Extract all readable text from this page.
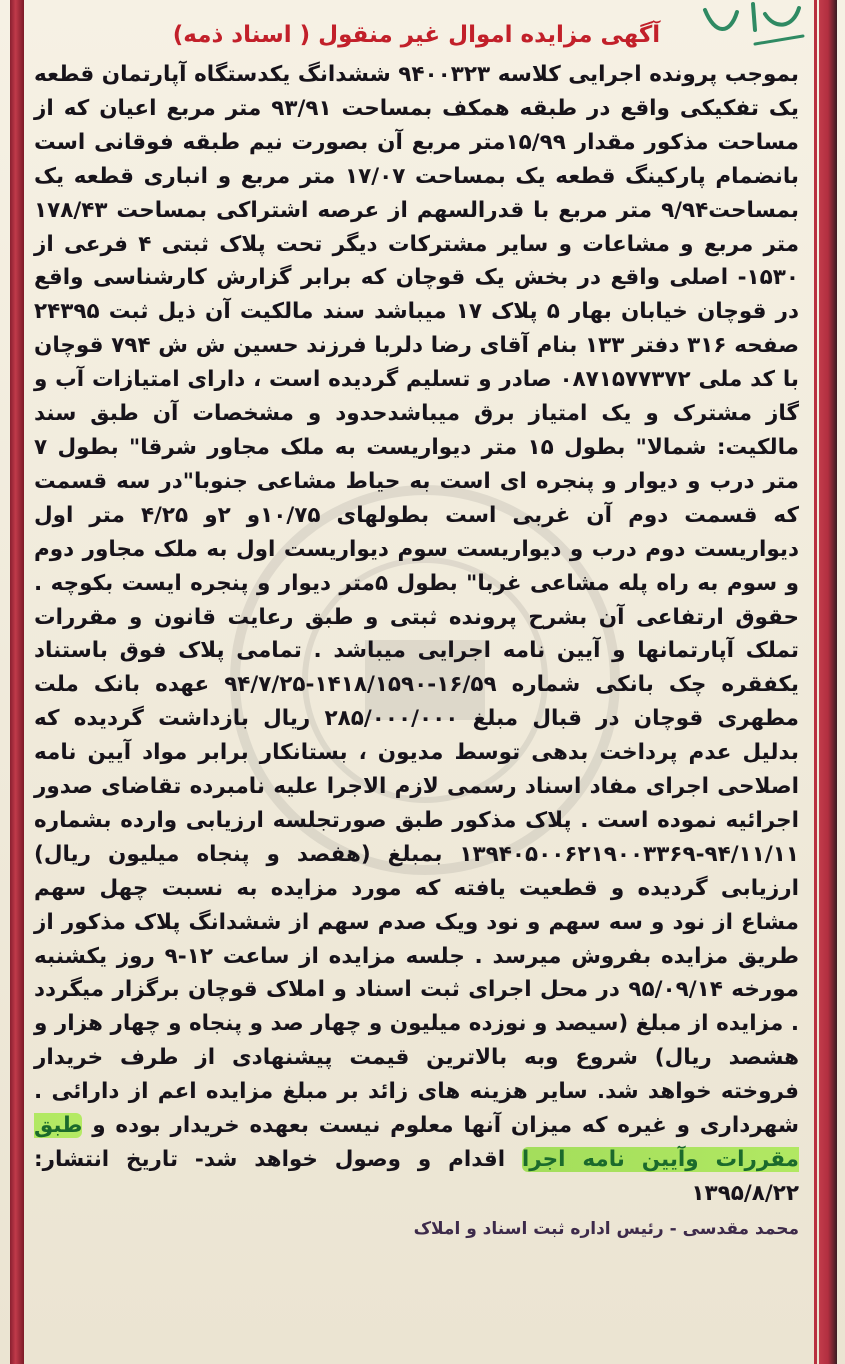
آگهی مزایده اموال غیر منقول ( اسناد ذمه)

بموجب پرونده اجرایی کلاسه ۹۴۰۰۳۲۳ ششدانگ یکدستگاه آپارتمان قطعه یک تفکیکی واقع در طبقه همکف بمساحت ۹۳/۹۱ متر مربع اعیان که از مساحت مذکور مقدار ۱۵/۹۹متر مربع آن بصورت نیم طبقه فوقانی است بانضمام پارکینگ قطعه یک بمساحت ۱۷/۰۷ متر مربع و انباری قطعه یک بمساحت۹/۹۴ متر مربع با قدرالسهم از عرصه اشتراکی بمساحت ۱۷۸/۴۳ متر مربع و مشاعات و سایر مشترکات دیگر تحت پلاک ثبتی ۴ فرعی از ۱۵۳۰- اصلی واقع در بخش یک قوچان که برابر گزارش کارشناسی واقع در قوچان خیابان بهار ۵ پلاک ۱۷ میباشد سند مالکیت آن ذیل ثبت ۲۴۳۹۵ صفحه ۳۱۶ دفتر ۱۳۳ بنام آقای رضا دلربا فرزند حسین ش ش ۷۹۴ قوچان با کد ملی ۰۸۷۱۵۷۷۳۷۲ صادر و تسلیم گردیده است ، دارای امتیازات آب و گاز مشترک و یک امتیاز برق میباشدحدود و مشخصات آن طبق سند مالکیت: شمالا" بطول ۱۵ متر دیواریست به ملک مجاور شرقا" بطول ۷ متر درب و دیوار و پنجره ای است به حیاط مشاعی جنوبا"در سه قسمت که قسمت دوم آن غربی است بطولهای ۱۰/۷۵و ۲و ۴/۲۵ متر اول دیواریست دوم درب و دیواریست سوم دیواریست اول به ملک مجاور دوم و سوم به راه پله مشاعی غربا" بطول ۵متر دیوار و پنجره ایست بکوچه . حقوق ارتفاعی آن بشرح پرونده ثبتی و طبق رعایت قانون و مقررات تملک آپارتمانها و آیین نامه اجرایی میباشد . تمامی پلاک فوق باستناد یکفقره چک بانکی شماره ۱۶/۵۹-۱۴۱۸/۱۵۹۰-۹۴/۷/۲۵ عهده بانک ملت مطهری قوچان در قبال مبلغ ۲۸۵/۰۰۰/۰۰۰ ریال بازداشت گردیده که بدلیل عدم پرداخت بدهی توسط مدیون ، بستانکار برابر مواد آیین نامه اصلاحی اجرای مفاد اسناد رسمی لازم الاجرا علیه نامبرده تقاضای صدور اجرائیه نموده است . پلاک مذکور طبق صورتجلسه ارزیابی وارده بشماره ۹۴/۱۱/۱۱-۱۳۹۴۰۵۰۰۶۲۱۹۰۰۳۳۶۹ بمبلغ (هفصد و پنجاه میلیون ریال) ارزیابی گردیده و قطعیت یافته که مورد مزایده به نسبت چهل سهم مشاع از نود و سه سهم و نود ویک صدم سهم از ششدانگ پلاک مذکور از طریق مزایده بفروش میرسد . جلسه مزایده از ساعت ۱۲-۹ روز یکشنبه مورخه ۹۵/۰۹/۱۴ در محل اجرای ثبت اسناد و املاک قوچان برگزار میگردد . مزایده از مبلغ (سیصد و نوزده میلیون و چهار صد و پنجاه و چهار هزار و هشصد ریال) شروع وبه بالاترین قیمت پیشنهادی از طرف خریدار فروخته خواهد شد. سایر هزینه های زائد بر مبلغ مزایده اعم از دارائی . شهرداری و غیره که میزان آنها معلوم نیست بعهده خریدار بوده و طبق مقررات وآیین نامه اجرا اقدام و وصول خواهد شد- تاریخ انتشار: ۱۳۹۵/۸/۲۲

محمد مقدسی - رئیس اداره ثبت اسناد و املاک
